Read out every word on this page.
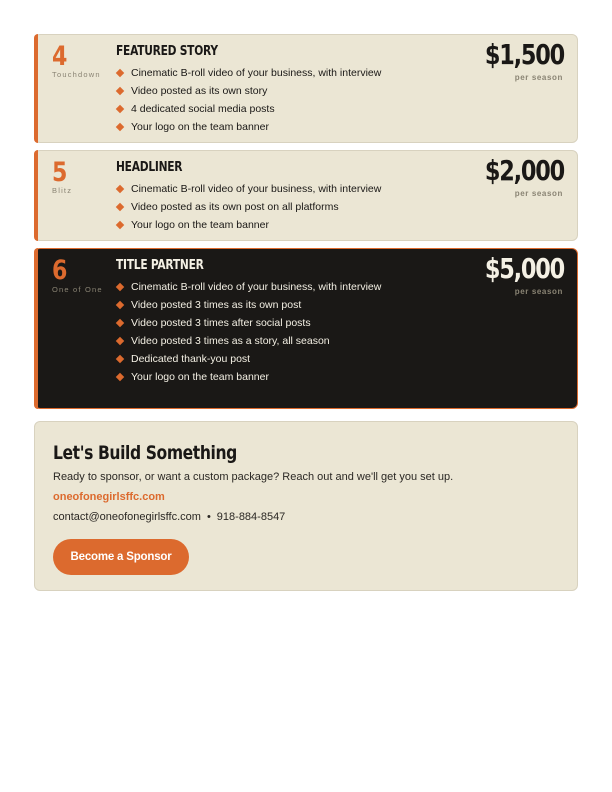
4
Touchdown
FEATURED STORY
Cinematic B-roll video of your business, with interview
Video posted as its own story
4 dedicated social media posts
Your logo on the team banner
$1,500
per season
5
Blitz
HEADLINER
Cinematic B-roll video of your business, with interview
Video posted as its own post on all platforms
Your logo on the team banner
$2,000
per season
6
One of One
TITLE PARTNER
Cinematic B-roll video of your business, with interview
Video posted 3 times as its own post
Video posted 3 times after social posts
Video posted 3 times as a story, all season
Dedicated thank-you post
Your logo on the team banner
$5,000
per season
Let's Build Something
Ready to sponsor, or want a custom package? Reach out and we'll get you set up.
oneofonegirlsffc.com
contact@oneofonegirlsffc.com • 918-884-8547
Become a Sponsor
